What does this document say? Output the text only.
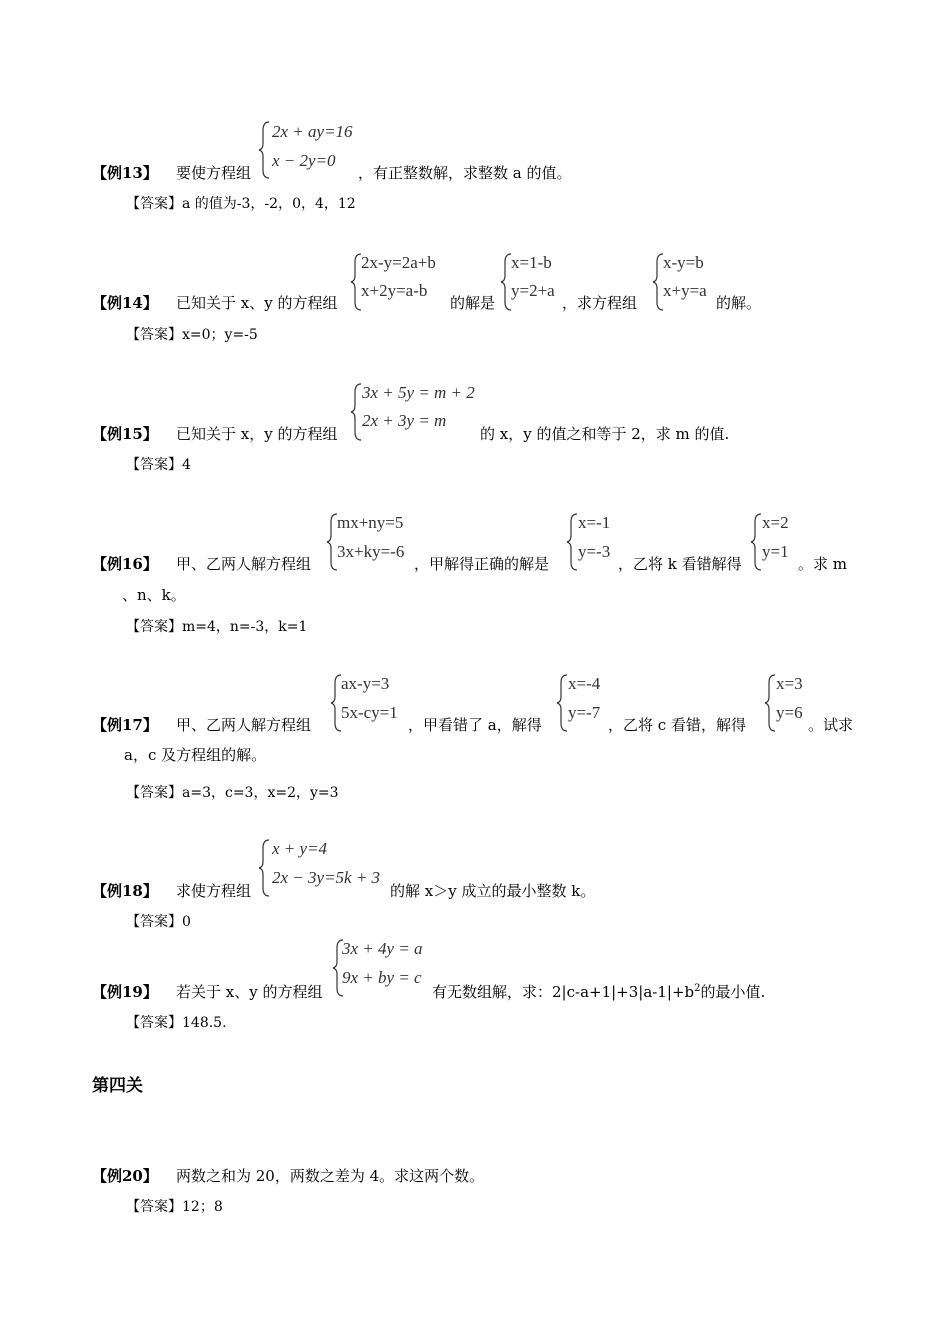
【例13】 要使方程组
2x + ay=16
x − 2y=0
，有正整数解，求整数 a 的值。
【答案】a 的值为-3，-2，0，4，12
【例14】 已知关于 x、y 的方程组
2x-y=2a+b
x+2y=a-b
的解是
x=1-b
y=2+a
，求方程组
x-y=b
x+y=a
的解。
【答案】x=0；y=-5
【例15】 已知关于 x，y 的方程组
3x + 5y = m + 2
2x + 3y = m
的 x，y 的值之和等于 2，求 m 的值.
【答案】4
【例16】 甲、乙两人解方程组
mx+ny=5
3x+ky=-6
，甲解得正确的解是
x=-1
y=-3
，乙将 k 看错解得
x=2
y=1
。求 m
、n、k。
【答案】m=4，n=-3，k=1
【例17】 甲、乙两人解方程组
ax-y=3
5x-cy=1
，甲看错了 a，解得
x=-4
y=-7
，乙将 c 看错，解得
x=3
y=6
。试求
a，c 及方程组的解。
【答案】a=3，c=3，x=2，y=3
【例18】 求使方程组
x + y=4
2x − 3y=5k + 3
的解 x＞y 成立的最小整数 k。
【答案】0
【例19】 若关于 x、y 的方程组
3x + 4y = a
9x + by = c
有无数组解，求：$2|c-a+1|+3|a-1|+b^2$的最小值.
【答案】148.5.
第四关
【例20】 两数之和为 20，两数之差为 4。求这两个数。
【答案】12；8
